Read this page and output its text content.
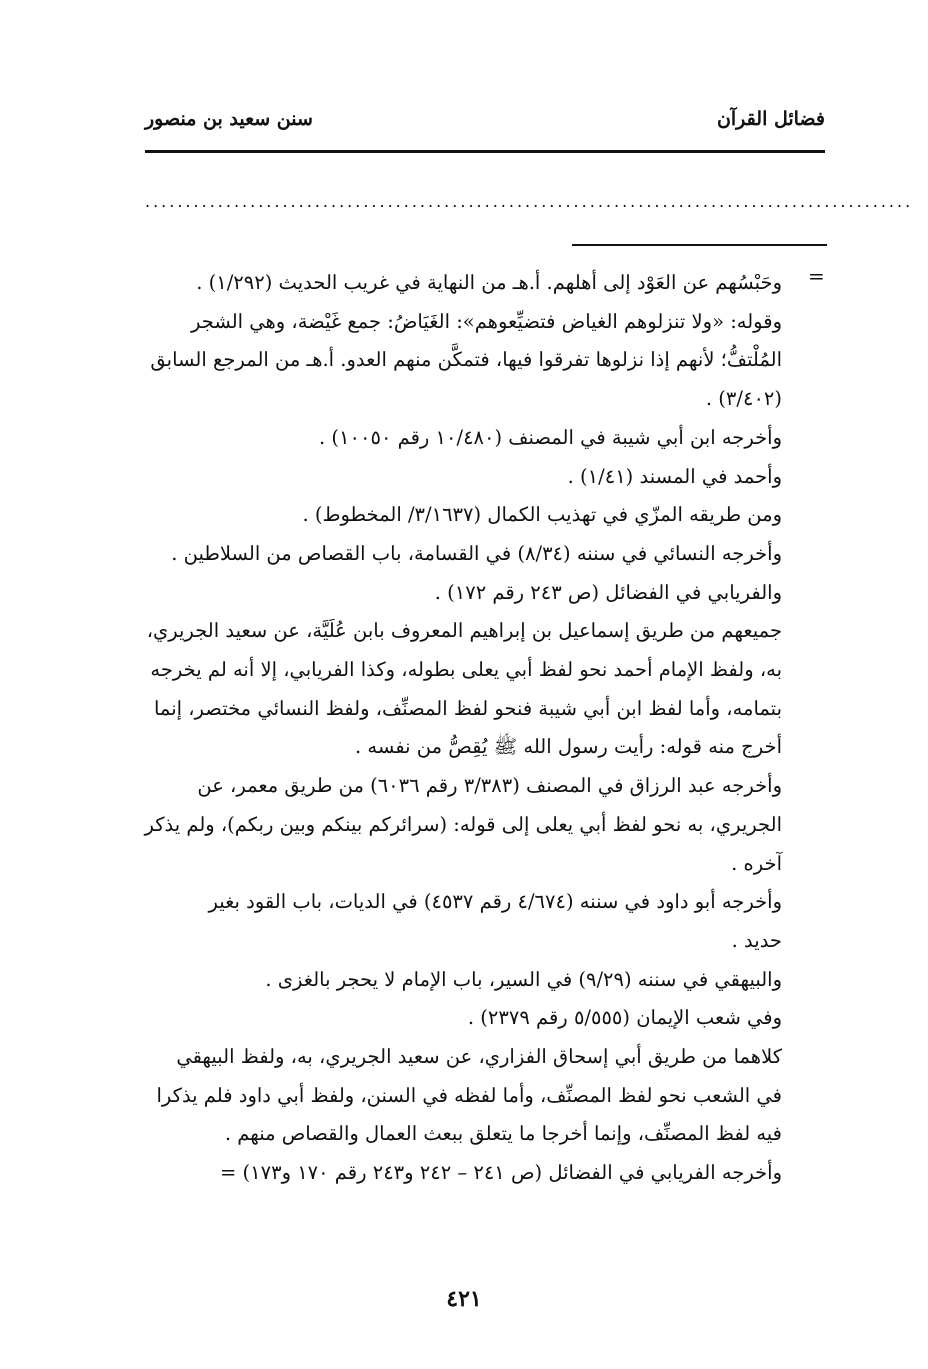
فضائل القرآن
سنن سعيد بن منصور
...............................................................................................
=

وحَبْسُهم عن العَوْد إلى أهلهم. أ.هـ من النهاية في غريب الحديث (١/٢٩٢) .

وقوله: «ولا تنزلوهم الغياض فتضيِّعوهم»: الغَيَاضُ: جمع غَيْضة، وهي الشجر

المُلْتفُّ؛ لأنهم إذا نزلوها تفرقوا فيها، فتمكَّن منهم العدو. أ.هـ من المرجع السابق

(٣/٤٠٢) .

وأخرجه ابن أبي شيبة في المصنف (١٠/٤٨٠ رقم ١٠٠٥٠) .

وأحمد في المسند (١/٤١) .

ومن طريقه المزّي في تهذيب الكمال (٣/١٦٣٧/ المخطوط) .

وأخرجه النسائي في سننه (٨/٣٤) في القسامة، باب القصاص من السلاطين .

والفريابي في الفضائل (ص ٢٤٣ رقم ١٧٢) .

جميعهم من طريق إسماعيل بن إبراهيم المعروف بابن عُلَيَّة، عن سعيد الجريري،

به، ولفظ الإمام أحمد نحو لفظ أبي يعلى بطوله، وكذا الفريابي، إلا أنه لم يخرجه

بتمامه، وأما لفظ ابن أبي شيبة فنحو لفظ المصنِّف، ولفظ النسائي مختصر، إنما

أخرج منه قوله: رأيت رسول الله ﷺ يُقِصُّ من نفسه .

وأخرجه عبد الرزاق في المصنف (٣/٣٨٣ رقم ٦٠٣٦) من طريق معمر، عن

الجريري، به نحو لفظ أبي يعلى إلى قوله: (سرائركم بينكم وبين ربكم)، ولم يذكر

آخره .

وأخرجه أبو داود في سننه (٤/٦٧٤ رقم ٤٥٣٧) في الديات، باب القود بغير

حديد .

والبيهقي في سننه (٩/٢٩) في السير، باب الإمام لا يحجر بالغزى .

وفي شعب الإيمان (٥/٥٥٥ رقم ٢٣٧٩) .

كلاهما من طريق أبي إسحاق الفزاري، عن سعيد الجريري، به، ولفظ البيهقي

في الشعب نحو لفظ المصنِّف، وأما لفظه في السنن، ولفظ أبي داود فلم يذكرا

فيه لفظ المصنِّف، وإنما أخرجا ما يتعلق ببعث العمال والقصاص منهم .

وأخرجه الفريابي في الفضائل (ص ٢٤١ – ٢٤٢ و٢٤٣ رقم ١٧٠ و١٧٣) =

٤٢١
